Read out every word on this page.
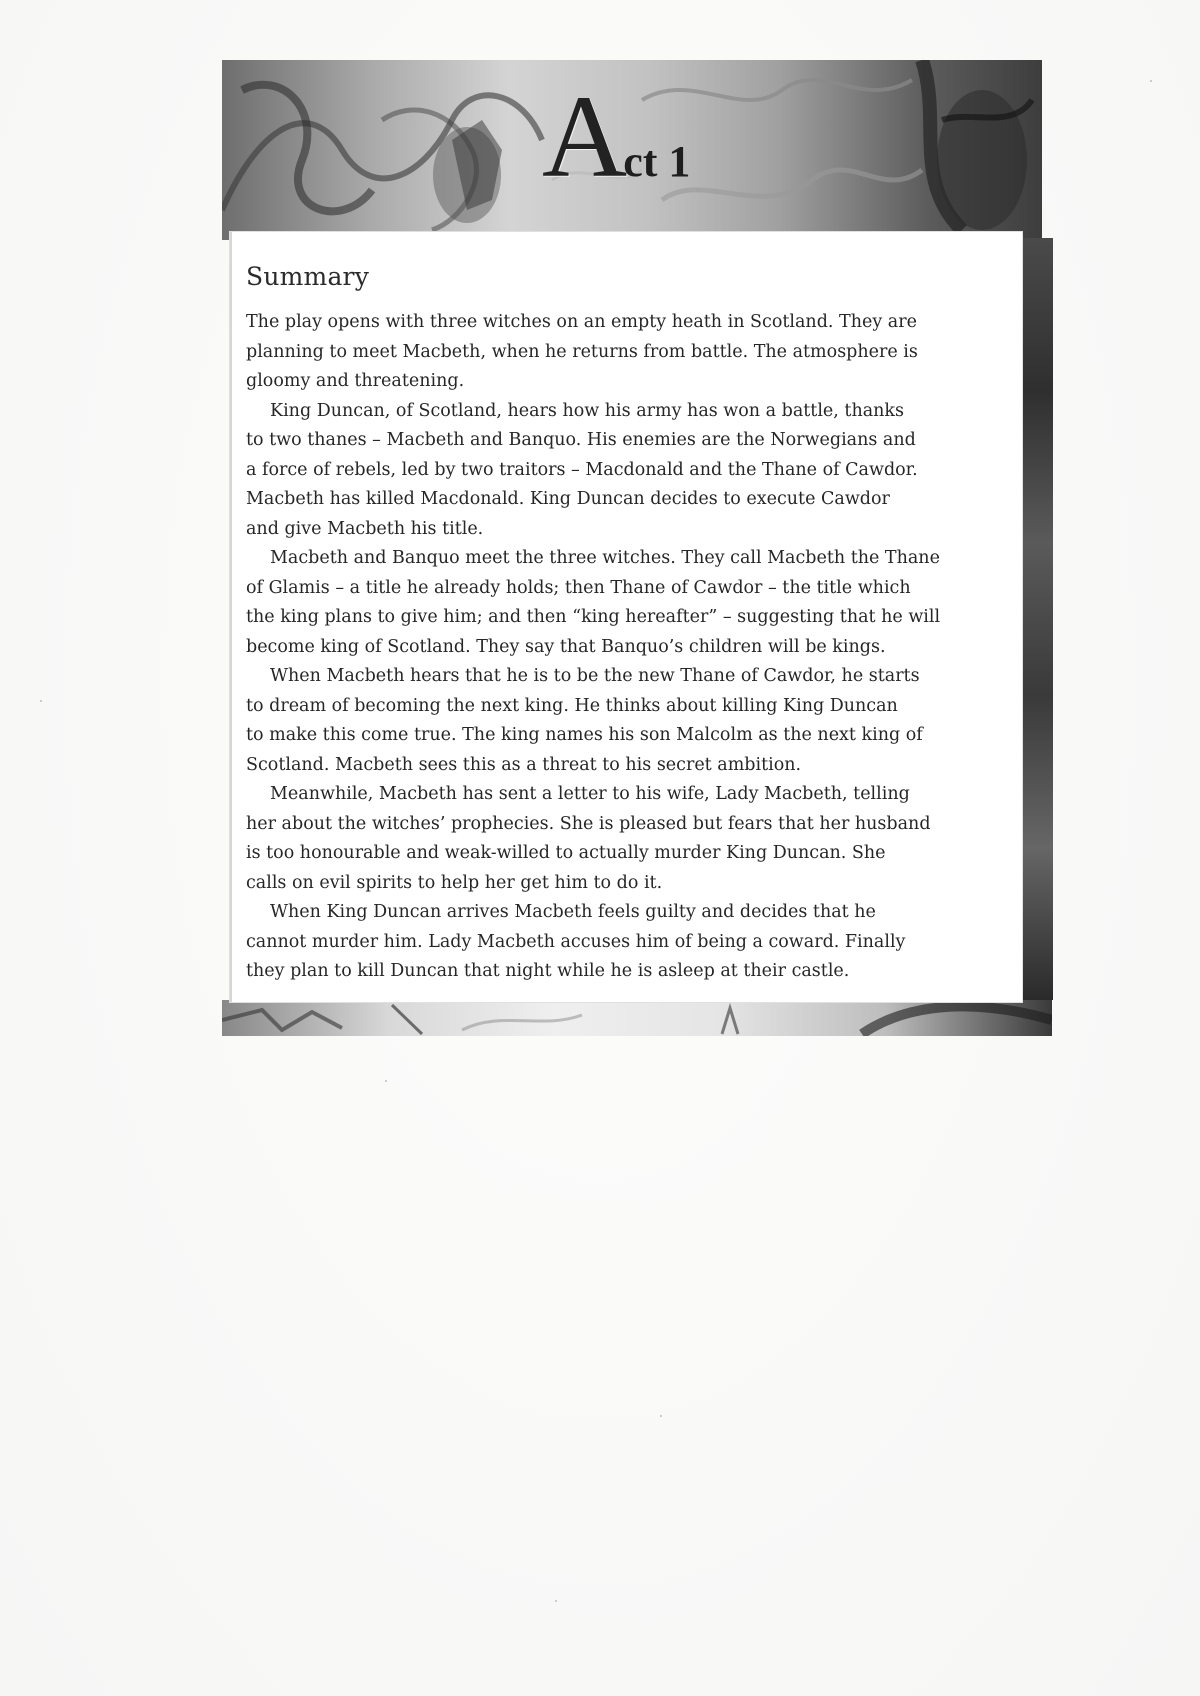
A
ct 1
Summary

The play opens with three witches on an empty heath in Scotland. They are
planning to meet Macbeth, when he returns from battle. The atmosphere is
gloomy and threatening.

King Duncan, of Scotland, hears how his army has won a battle, thanks
to two thanes – Macbeth and Banquo. His enemies are the Norwegians and
a force of rebels, led by two traitors – Macdonald and the Thane of Cawdor.
Macbeth has killed Macdonald. King Duncan decides to execute Cawdor
and give Macbeth his title.

Macbeth and Banquo meet the three witches. They call Macbeth the Thane
of Glamis – a title he already holds; then Thane of Cawdor – the title which
the king plans to give him; and then “king hereafter” – suggesting that he will
become king of Scotland. They say that Banquo’s children will be kings.

When Macbeth hears that he is to be the new Thane of Cawdor, he starts
to dream of becoming the next king. He thinks about killing King Duncan
to make this come true. The king names his son Malcolm as the next king of
Scotland. Macbeth sees this as a threat to his secret ambition.

Meanwhile, Macbeth has sent a letter to his wife, Lady Macbeth, telling
her about the witches’ prophecies. She is pleased but fears that her husband
is too honourable and weak-willed to actually murder King Duncan. She
calls on evil spirits to help her get him to do it.

When King Duncan arrives Macbeth feels guilty and decides that he
cannot murder him. Lady Macbeth accuses him of being a coward. Finally
they plan to kill Duncan that night while he is asleep at their castle.
